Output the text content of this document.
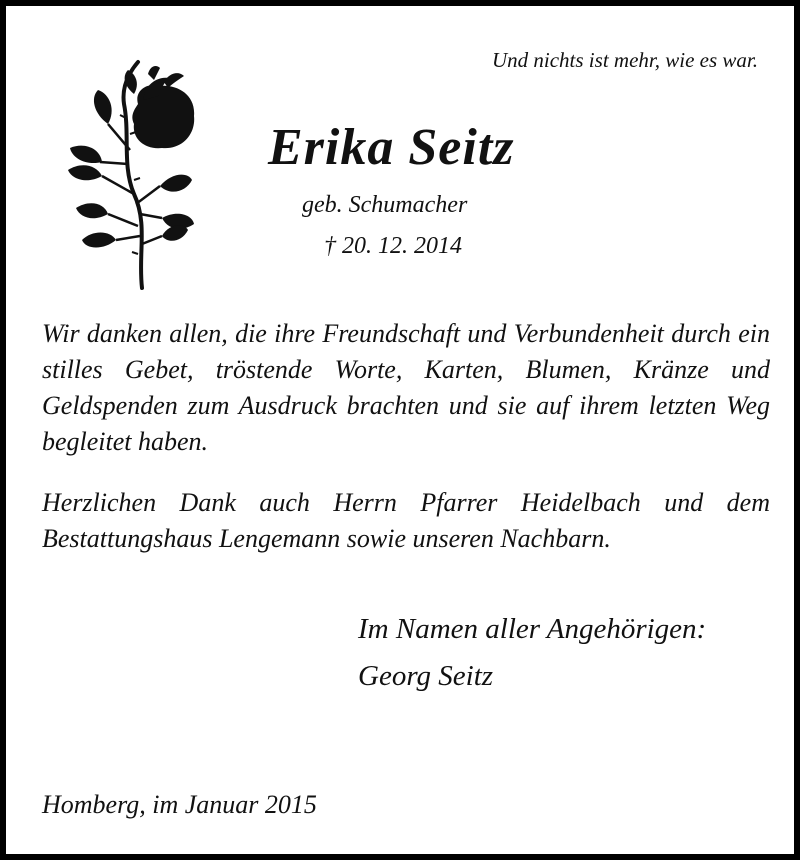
Und nichts ist mehr, wie es war.
Erika Seitz
geb. Schumacher
† 20. 12. 2014
Wir danken allen, die ihre Freundschaft und Verbundenheit durch ein stilles Gebet, tröstende Worte, Karten, Blumen, Kränze und Geldspenden zum Ausdruck brachten und sie auf ihrem letzten Weg begleitet haben.
Herzlichen Dank auch Herrn Pfarrer Heidelbach und dem Bestattungshaus Lengemann sowie unseren Nachbarn.
Im Namen aller Angehörigen:
Georg Seitz
Homberg, im Januar 2015
